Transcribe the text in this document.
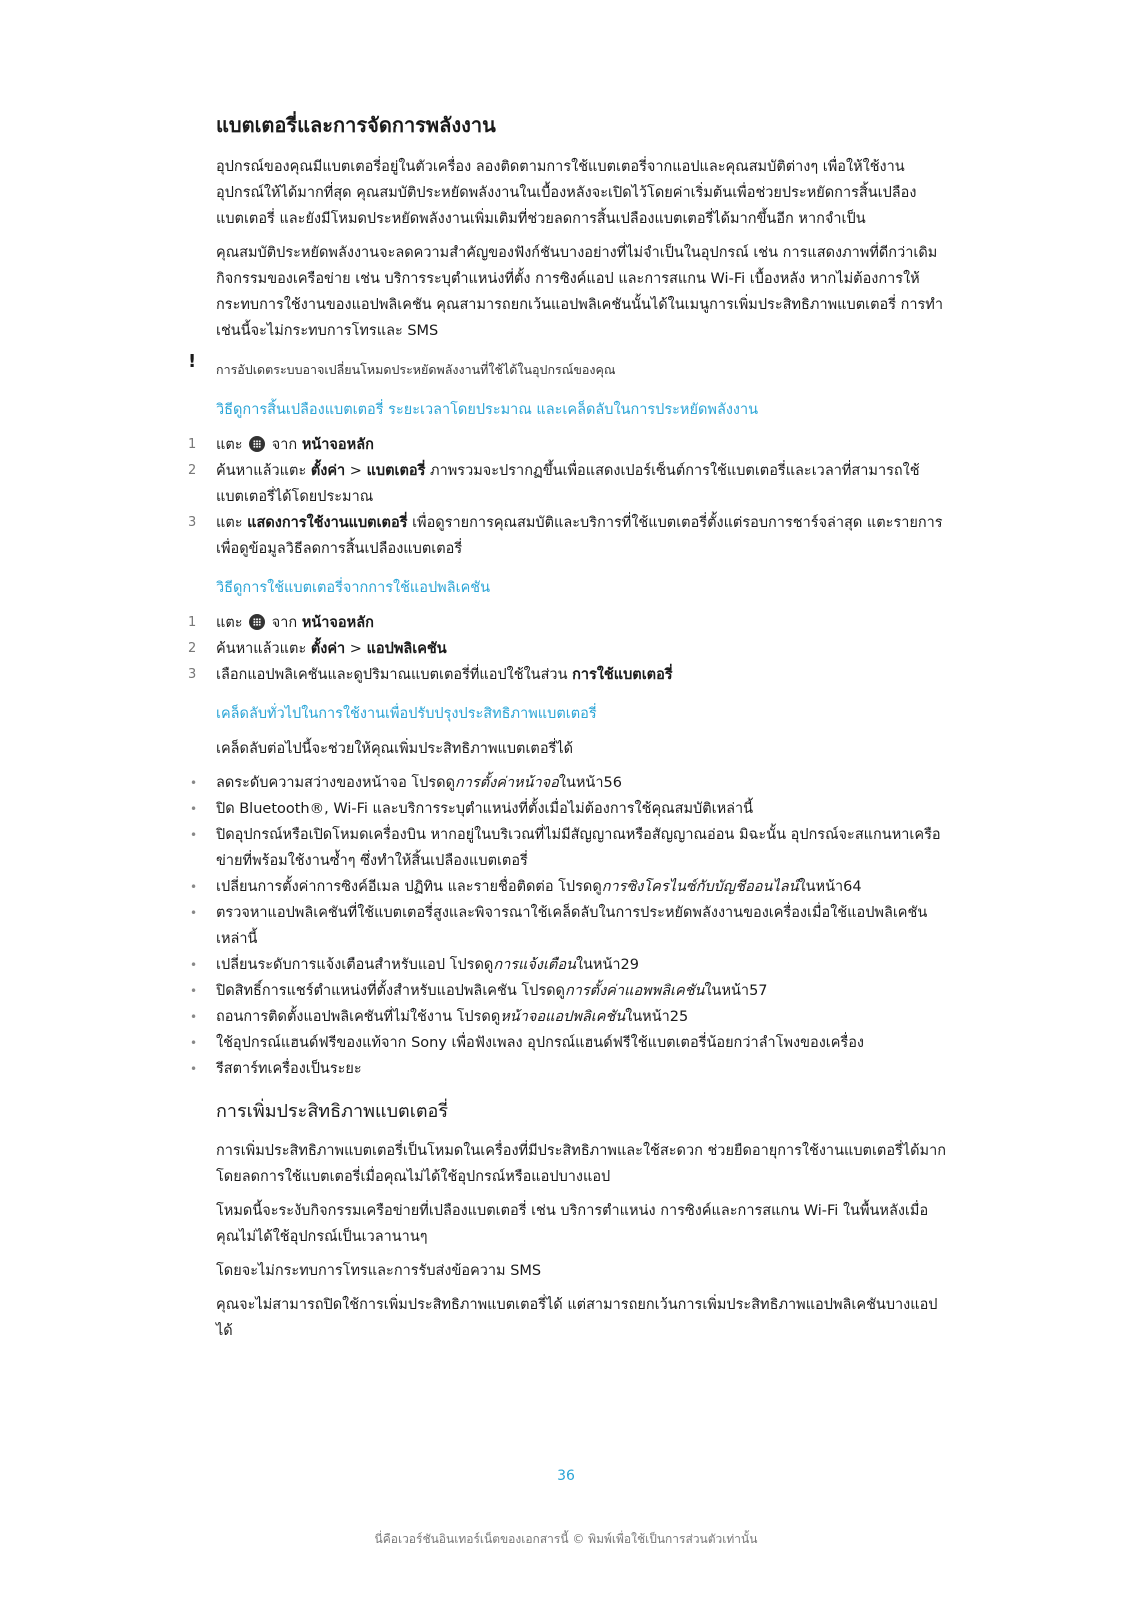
แบตเตอรี่และการจัดการพลังงาน

อุปกรณ์ของคุณมีแบตเตอรี่อยู่ในตัวเครื่อง ลองติดตามการใช้แบตเตอรี่จากแอปและคุณสมบัติต่างๆ เพื่อให้ใช้งานอุปกรณ์ให้ได้มากที่สุด คุณสมบัติประหยัดพลังงานในเบื้องหลังจะเปิดไว้โดยค่าเริ่มต้นเพื่อช่วยประหยัดการสิ้นเปลืองแบตเตอรี่ และยังมีโหมดประหยัดพลังงานเพิ่มเติมที่ช่วยลดการสิ้นเปลืองแบตเตอรี่ได้มากขึ้นอีก หากจำเป็น

คุณสมบัติประหยัดพลังงานจะลดความสำคัญของฟังก์ชันบางอย่างที่ไม่จำเป็นในอุปกรณ์ เช่น การแสดงภาพที่ดีกว่าเดิม กิจกรรมของเครือข่าย เช่น บริการระบุตำแหน่งที่ตั้ง การซิงค์แอป และการสแกน Wi-Fi เบื้องหลัง หากไม่ต้องการให้กระทบการใช้งานของแอปพลิเคชัน คุณสามารถยกเว้นแอปพลิเคชันนั้นได้ในเมนูการเพิ่มประสิทธิภาพแบตเตอรี่ การทำเช่นนี้จะไม่กระทบการโทรและ SMS

! การอัปเดตระบบอาจเปลี่ยนโหมดประหยัดพลังงานที่ใช้ได้ในอุปกรณ์ของคุณ
วิธีดูการสิ้นเปลืองแบตเตอรี่ ระยะเวลาโดยประมาณ และเคล็ดลับในการประหยัดพลังงาน
1 แตะ  จาก หน้าจอหลัก
2 ค้นหาแล้วแตะ ตั้งค่า > แบตเตอรี่ ภาพรวมจะปรากฏขึ้นเพื่อแสดงเปอร์เซ็นต์การใช้แบตเตอรี่และเวลาที่สามารถใช้แบตเตอรี่ได้โดยประมาณ
3 แตะ แสดงการใช้งานแบตเตอรี่ เพื่อดูรายการคุณสมบัติและบริการที่ใช้แบตเตอรี่ตั้งแต่รอบการชาร์จล่าสุด แตะรายการเพื่อดูข้อมูลวิธีลดการสิ้นเปลืองแบตเตอรี่
วิธีดูการใช้แบตเตอรี่จากการใช้แอปพลิเคชัน
1 แตะ  จาก หน้าจอหลัก
2 ค้นหาแล้วแตะ ตั้งค่า > แอปพลิเคชัน
3 เลือกแอปพลิเคชันและดูปริมาณแบตเตอรี่ที่แอปใช้ในส่วน การใช้แบตเตอรี่
เคล็ดลับทั่วไปในการใช้งานเพื่อปรับปรุงประสิทธิภาพแบตเตอรี่

เคล็ดลับต่อไปนี้จะช่วยให้คุณเพิ่มประสิทธิภาพแบตเตอรี่ได้

• ลดระดับความสว่างของหน้าจอ โปรดดูการตั้งค่าหน้าจอในหน้า56
• ปิด Bluetooth®, Wi-Fi และบริการระบุตำแหน่งที่ตั้งเมื่อไม่ต้องการใช้คุณสมบัติเหล่านี้
• ปิดอุปกรณ์หรือเปิดโหมดเครื่องบิน หากอยู่ในบริเวณที่ไม่มีสัญญาณหรือสัญญาณอ่อน มิฉะนั้น อุปกรณ์จะสแกนหาเครือข่ายที่พร้อมใช้งานซ้ำๆ ซึ่งทำให้สิ้นเปลืองแบตเตอรี่
• เปลี่ยนการตั้งค่าการซิงค์อีเมล ปฏิทิน และรายชื่อติดต่อ โปรดดูการซิงโครไนซ์กับบัญชีออนไลน์ในหน้า64
• ตรวจหาแอปพลิเคชันที่ใช้แบตเตอรี่สูงและพิจารณาใช้เคล็ดลับในการประหยัดพลังงานของเครื่องเมื่อใช้แอปพลิเคชันเหล่านี้
• เปลี่ยนระดับการแจ้งเตือนสำหรับแอป โปรดดูการแจ้งเตือนในหน้า29
• ปิดสิทธิ์การแชร์ตำแหน่งที่ตั้งสำหรับแอปพลิเคชัน โปรดดูการตั้งค่าแอพพลิเคชันในหน้า57
• ถอนการติดตั้งแอปพลิเคชันที่ไม่ใช้งาน โปรดดูหน้าจอแอปพลิเคชันในหน้า25
• ใช้อุปกรณ์แฮนด์ฟรีของแท้จาก Sony เพื่อฟังเพลง อุปกรณ์แฮนด์ฟรีใช้แบตเตอรี่น้อยกว่าลำโพงของเครื่อง
• รีสตาร์ทเครื่องเป็นระยะ
การเพิ่มประสิทธิภาพแบตเตอรี่

การเพิ่มประสิทธิภาพแบตเตอรี่เป็นโหมดในเครื่องที่มีประสิทธิภาพและใช้สะดวก ช่วยยืดอายุการใช้งานแบตเตอรี่ได้มากโดยลดการใช้แบตเตอรี่เมื่อคุณไม่ได้ใช้อุปกรณ์หรือแอปบางแอป

โหมดนี้จะระงับกิจกรรมเครือข่ายที่เปลืองแบตเตอรี่ เช่น บริการตำแหน่ง การซิงค์และการสแกน Wi-Fi ในพื้นหลังเมื่อคุณไม่ได้ใช้อุปกรณ์เป็นเวลานานๆ

โดยจะไม่กระทบการโทรและการรับส่งข้อความ SMS

คุณจะไม่สามารถปิดใช้การเพิ่มประสิทธิภาพแบตเตอรี่ได้ แต่สามารถยกเว้นการเพิ่มประสิทธิภาพแอปพลิเคชันบางแอปได้

36
นี่คือเวอร์ชันอินเทอร์เน็ตของเอกสารนี้ © พิมพ์เพื่อใช้เป็นการส่วนตัวเท่านั้น
